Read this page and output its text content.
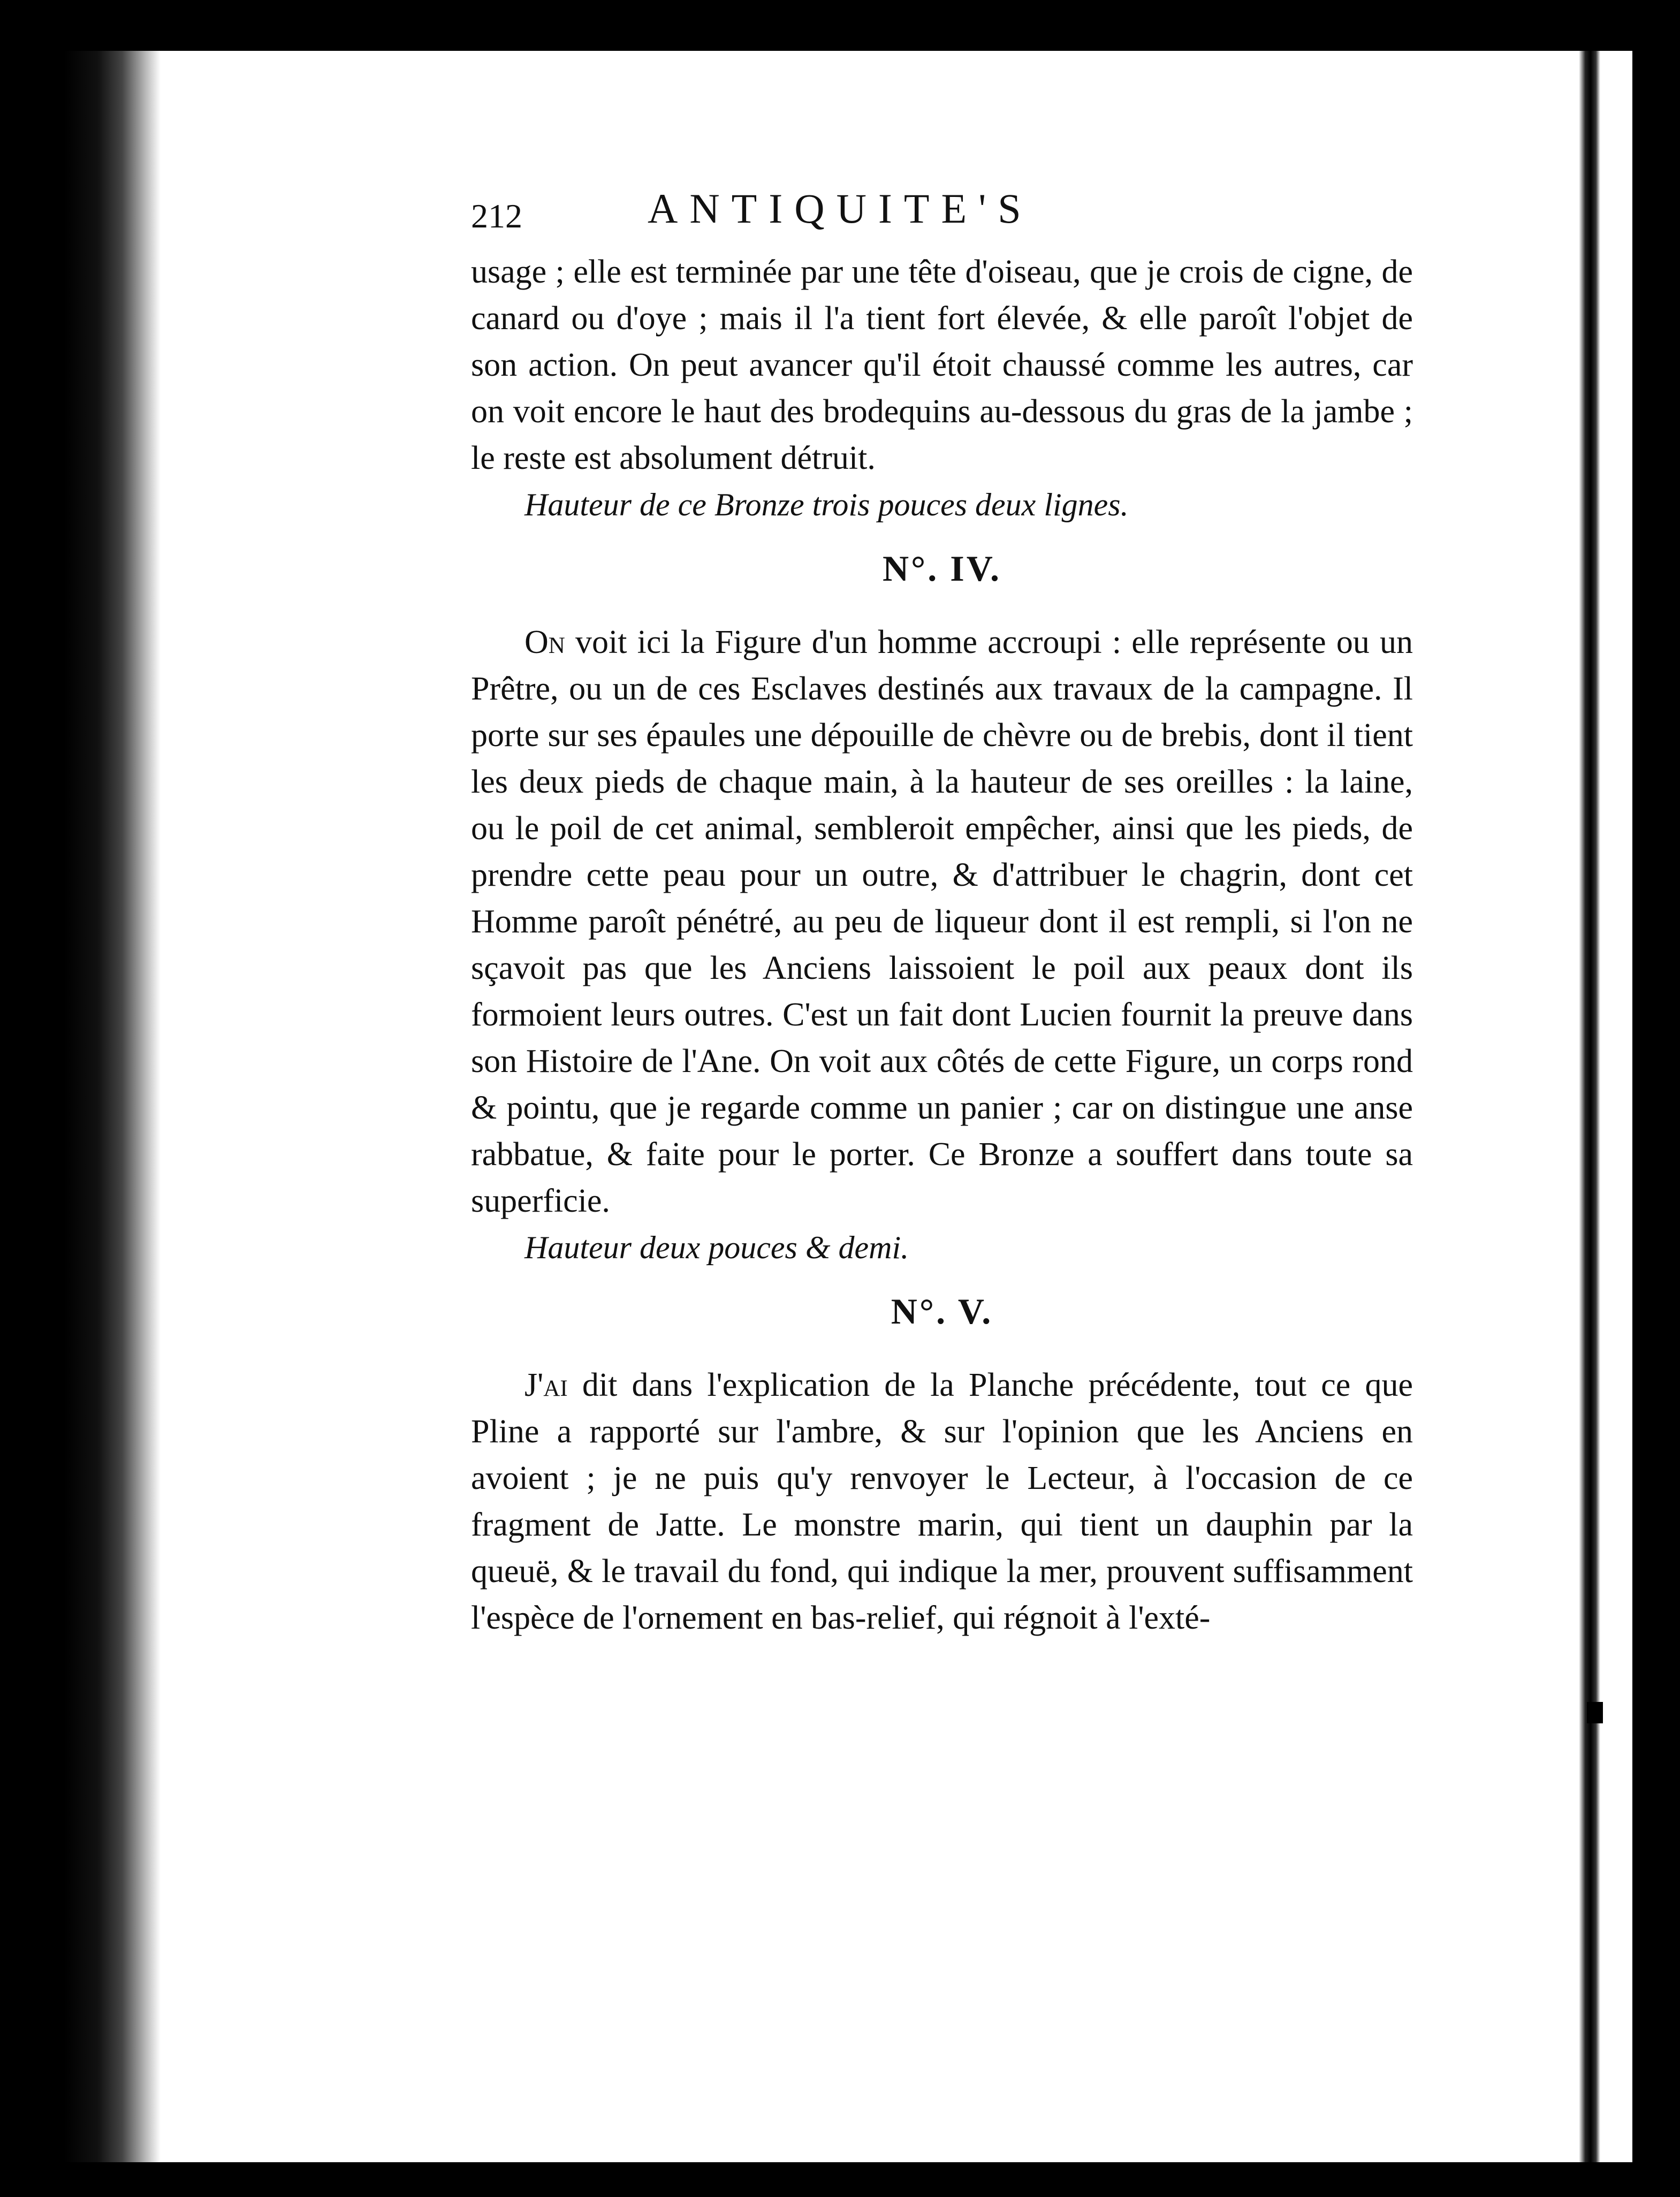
212	ANTIQUITE'S

usage ; elle est terminée par une tête d'oiseau, que je crois de cigne, de canard ou d'oye ; mais il l'a tient fort élevée, & elle paroît l'objet de son action. On peut avancer qu'il étoit chaussé comme les autres, car on voit encore le haut des brodequins au-dessous du gras de la jambe ; le reste est absolument détruit.

Hauteur de ce Bronze trois pouces deux lignes.

N°. IV.

On voit ici la Figure d'un homme accroupi : elle représente ou un Prêtre, ou un de ces Esclaves destinés aux travaux de la campagne. Il porte sur ses épaules une dépouille de chèvre ou de brebis, dont il tient les deux pieds de chaque main, à la hauteur de ses oreilles : la laine, ou le poil de cet animal, sembleroit empêcher, ainsi que les pieds, de prendre cette peau pour un outre, & d'attribuer le chagrin, dont cet Homme paroît pénétré, au peu de liqueur dont il est rempli, si l'on ne sçavoit pas que les Anciens laissoient le poil aux peaux dont ils formoient leurs outres. C'est un fait dont Lucien fournit la preuve dans son Histoire de l'Ane. On voit aux côtés de cette Figure, un corps rond & pointu, que je regarde comme un panier ; car on distingue une anse rabbatue, & faite pour le porter. Ce Bronze a souffert dans toute sa superficie.

Hauteur deux pouces & demi.

N°. V.

J'ai dit dans l'explication de la Planche précédente, tout ce que Pline a rapporté sur l'ambre, & sur l'opinion que les Anciens en avoient ; je ne puis qu'y renvoyer le Lecteur, à l'occasion de ce fragment de Jatte. Le monstre marin, qui tient un dauphin par la queuë, & le travail du fond, qui indique la mer, prouvent suffisamment l'espèce de l'ornement en bas-relief, qui régnoit à l'exté-
